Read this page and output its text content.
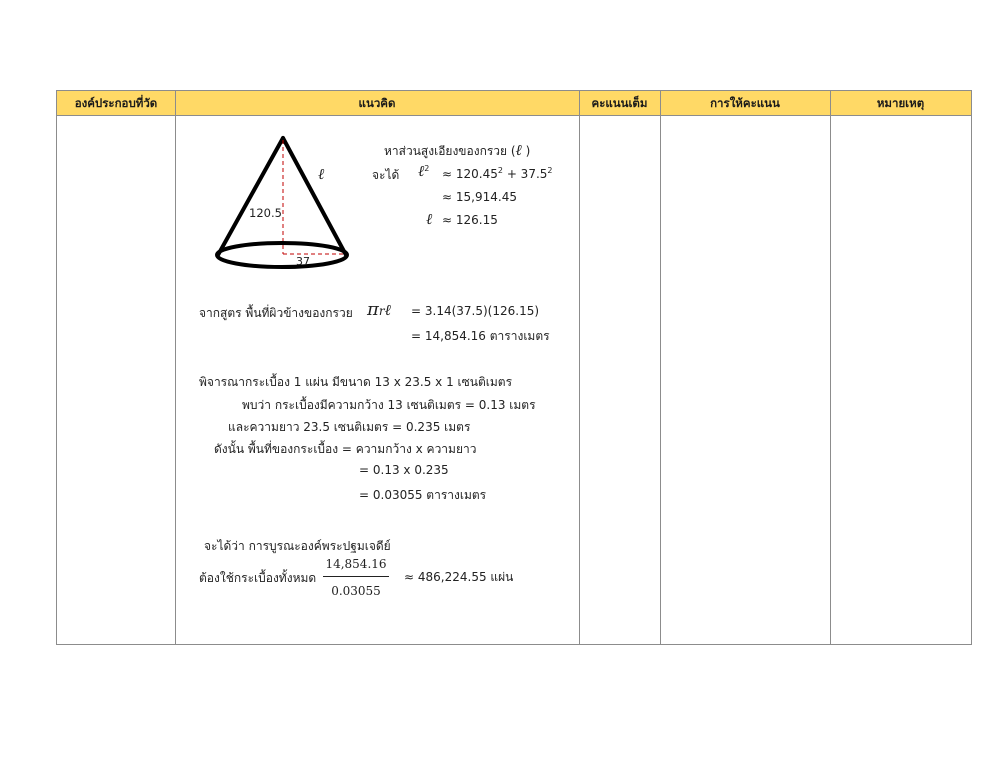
องค์ประกอบที่วัด	แนวคิด	คะแนนเต็ม	การให้คะแนน	หมายเหตุ
ℓ
120.5
37
หาส่วนสูงเอียงของกรวย (ℓ )
จะได้ ℓ$^2$ ≈ $120.45^2 + 37.5^2$
≈ 15,914.45
ℓ ≈ 126.15
จากสูตร พื้นที่ผิวข้างของกรวย πrℓ = 3.14(37.5)(126.15)
= 14,854.16 ตารางเมตร
พิจารณากระเบื้อง 1 แผ่น มีขนาด 13 x 23.5 x 1 เซนติเมตร
พบว่า กระเบื้องมีความกว้าง 13 เซนติเมตร = 0.13 เมตร
และความยาว 23.5 เซนติเมตร = 0.235 เมตร
ดังนั้น พื้นที่ของกระเบื้อง = ความกว้าง x ความยาว
= 0.13 x 0.235
= 0.03055 ตารางเมตร
จะได้ว่า การบูรณะองค์พระปฐมเจดีย์
ต้องใช้กระเบื้องทั้งหมด
14,854.16
0.03055
≈ 486,224.55 แผ่น
